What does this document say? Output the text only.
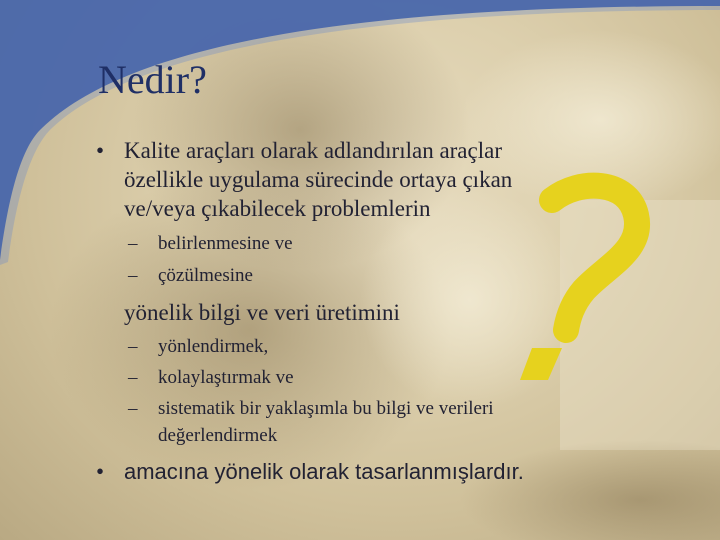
Nedir?
• Kalite araçları olarak adlandırılan araçlar
özellikle uygulama sürecinde ortaya çıkan
ve/veya çıkabilecek problemlerin
– belirlenmesine ve
– çözülmesine
yönelik bilgi ve veri üretimini
– yönlendirmek,
– kolaylaştırmak ve
– sistematik bir yaklaşımla bu bilgi ve verileri
değerlendirmek
• amacına yönelik olarak tasarlanmışlardır.
